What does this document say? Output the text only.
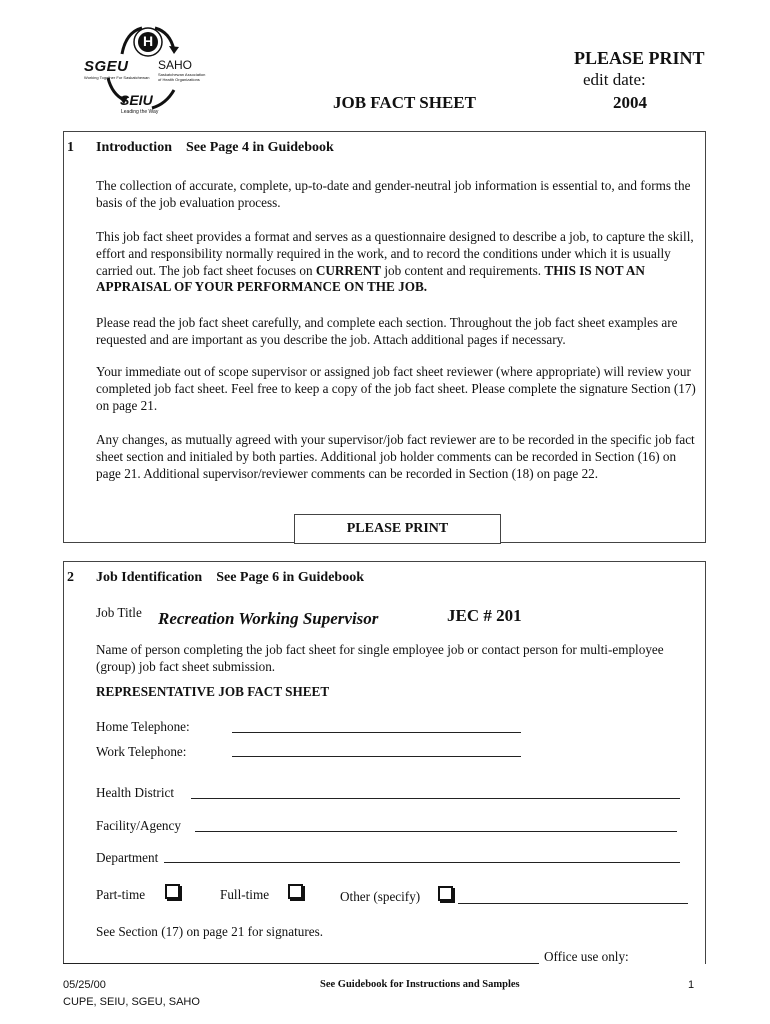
H
SGEU
Working Together For Saskatchewan
SAHO
Saskatchewan Association of Health Organizations
SEIU
Leading the Way
PLEASE PRINT
edit date:
2004
JOB FACT SHEET
1 Introduction See Page 4 in Guidebook

The collection of accurate, complete, up-to-date and gender-neutral job information is essential to, and forms the basis of the job evaluation process.

This job fact sheet provides a format and serves as a questionnaire designed to describe a job, to capture the skill, effort and responsibility normally required in the work, and to record the conditions under which it is usually carried out. The job fact sheet focuses on CURRENT job content and requirements. THIS IS NOT AN APPRAISAL OF YOUR PERFORMANCE ON THE JOB.

Please read the job fact sheet carefully, and complete each section. Throughout the job fact sheet examples are requested and are important as you describe the job. Attach additional pages if necessary.

Your immediate out of scope supervisor or assigned job fact sheet reviewer (where appropriate) will review your completed job fact sheet. Feel free to keep a copy of the job fact sheet. Please complete the signature Section (17) on page 21.

Any changes, as mutually agreed with your supervisor/job fact reviewer are to be recorded in the specific job fact sheet section and initialed by both parties. Additional job holder comments can be recorded in Section (16) on page 21. Additional supervisor/reviewer comments can be recorded in Section (18) on page 22.

PLEASE PRINT
2 Job Identification See Page 6 in Guidebook
Job Title Recreation Working Supervisor	JEC # 201

Name of person completing the job fact sheet for single employee job or contact person for multi-employee (group) job fact sheet submission.

REPRESENTATIVE JOB FACT SHEET
Home Telephone:
Work Telephone:
Health District
Facility/Agency
Department
Part-time	Full-time	Other (specify)
See Section (17) on page 21 for signatures.
Office use only:
05/25/00
CUPE, SEIU, SGEU, SAHO
See Guidebook for Instructions and Samples	1
